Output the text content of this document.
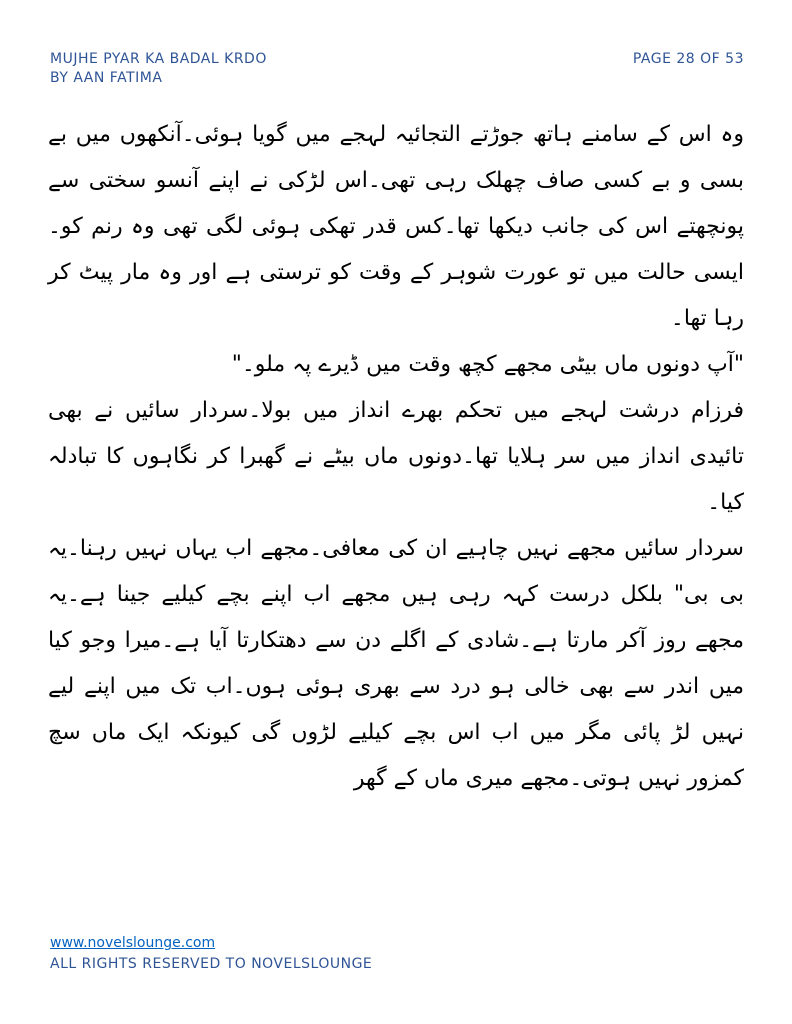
MUJHE PYAR KA BADAL KRDO
BY AAN FATIMA
PAGE 28 OF 53

وہ اس کے سامنے ہاتھ جوڑتے التجائیہ لہجے میں گویا ہوئی۔آنکھوں میں بے بسی و بے کسی صاف چھلک رہی تھی۔اس لڑکی نے اپنے آنسو سختی سے پونچھتے اس کی جانب دیکھا تھا۔کس قدر تھکی ہوئی لگی تھی وہ رنم کو۔ایسی حالت میں تو عورت شوہر کے وقت کو ترستی ہے اور وہ مار پیٹ کر رہا تھا۔

"آپ دونوں ماں بیٹی مجھے کچھ وقت میں ڈیرے پہ ملو۔"

فرزام درشت لہجے میں تحکم بھرے انداز میں بولا۔سردار سائیں نے بھی تائیدی انداز میں سر ہلایا تھا۔دونوں ماں بیٹے نے گھبرا کر نگاہوں کا تبادلہ کیا۔

سردار سائیں مجھے نہیں چاہیے ان کی معافی۔مجھے اب یہاں نہیں رہنا۔یہ بی بی" بلکل درست کہہ رہی ہیں مجھے اب اپنے بچے کیلیے جینا ہے۔یہ مجھے روز آکر مارتا ہے۔شادی کے اگلے دن سے دھتکارتا آیا ہے۔میرا وجو کیا میں اندر سے بھی خالی ہو درد سے بھری ہوئی ہوں۔اب تک میں اپنے لیے نہیں لڑ پائی مگر میں اب اس بچے کیلیے لڑوں گی کیونکہ ایک ماں سچ کمزور نہیں ہوتی۔مجھے میری ماں کے گھر

www.novelslounge.com
ALL RIGHTS RESERVED TO NOVELSLOUNGE
